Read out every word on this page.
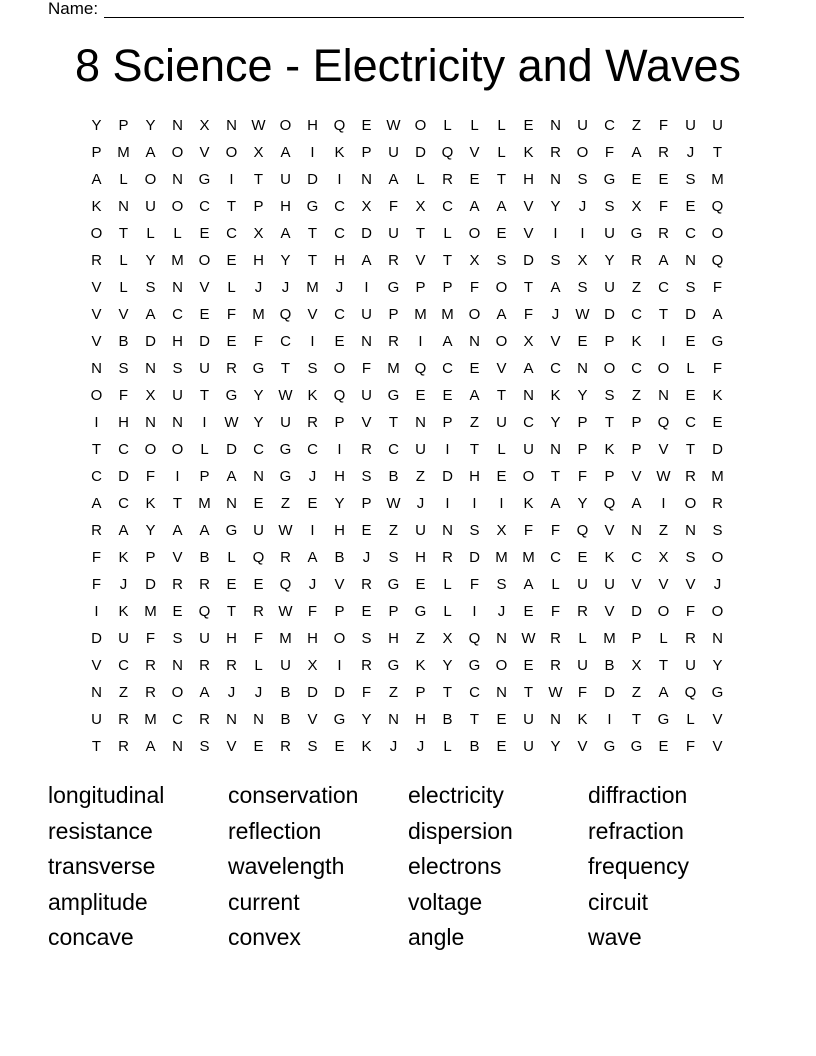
Name:
8 Science - Electricity and Waves
Y	P	Y	N	X	N W O	H	Q	E W O	L	L	L	E	N	U	C	Z	F	U	U
P	M	A	O	V	O	X	A	I	K	P	U	D	Q	V	L	K	R	O	F	A	R	J	T
A	L	O	N	G	I	T	U	D	I	N	A	L	R	E	T	H	N	S	G	E	E	S	M
K	N	U	O	C	T	P	H	G	C	X	F	X	C	A	A	V	Y	J	S	X	F	E	Q
O	T	L	L	E	C	X	A	T	C	D	U	T	L	O	E	V	I	I	U	G	R	C	O
R	L	Y	M O	E	H	Y	T	H	A	R	V	T	X	S	D	S	X	Y	R	A	N	Q
V	L	S	N	V	L	J	J	M	J	I	G	P	P	F	O	T	A	S	U	Z	C	S	F
V	V	A	C	E	F	M Q	V	C	U	P	M M O	A	F	J	W D	C	T	D	A
V	B	D	H	D	E	F	C	I	E	N	R	I	A	N	O	X	V	E	P	K	I	E	G
N	S	N	S	U	R	G	T	S	O	F	M Q	C	E	V	A	C	N	O	C	O	L	F
O	F	X	U	T	G	Y W K	Q	U	G	E	E	A	T	N	K	Y	S	Z	N	E	K
I	H	N	N	I	W Y	U	R	P	V	T	N	P	Z	U	C	Y	P	T	P	Q	C	E
T	C	O	O	L	D	C	G	C	I	R	C	U	I	T	L	U	N	P	K	P	V	T	D
C	D	F	I	P	A	N	G	J	H	S	B	Z	D	H	E	O	T	F	P	V W R	M
A	C	K	T	M	N	E	Z	E	Y	P W	J	I	I	I	K	A	Y	Q	A	I	O	R
R	A	Y	A	A	G	U W	I	H	E	Z	U	N	S	X	F	F	Q	V	N	Z	N	S
F	K	P	V	B	L	Q	R	A	B	J	S	H	R	D	M M	C	E	K	C	X	S	O
F	J	D	R	R	E	E	Q	J	V	R	G	E	L	F	S	A	L	U	U	V	V	V	J
I	K	M	E	Q	T	R W	F	P	E	P	G	L	I	J	E	F	R	V	D	O	F	O
D	U	F	S	U	H	F	M	H	O	S	H	Z	X	Q	N W R	L	M	P	L	R	N
V	C	R	N	R	R	L	U	X	I	R	G	K	Y	G	O	E	R	U	B	X	T	U	Y
N	Z	R	O	A	J	J	B	D	D	F	Z	P	T	C	N	T	W	F	D	Z	A	Q	G
U	R	M	C	R	N	N	B	V	G	Y	N	H	B	T	E	U	N	K	I	T	G	L	V
T	R	A	N	S	V	E	R	S	E	K	J	J	L	B	E	U	Y	V	G	G	E	F	V
longitudinal	conservation	electricity	diffraction
resistance	reflection	dispersion	refraction
transverse	wavelength	electrons	frequency
amplitude	current	voltage	circuit
concave	convex	angle	wave
